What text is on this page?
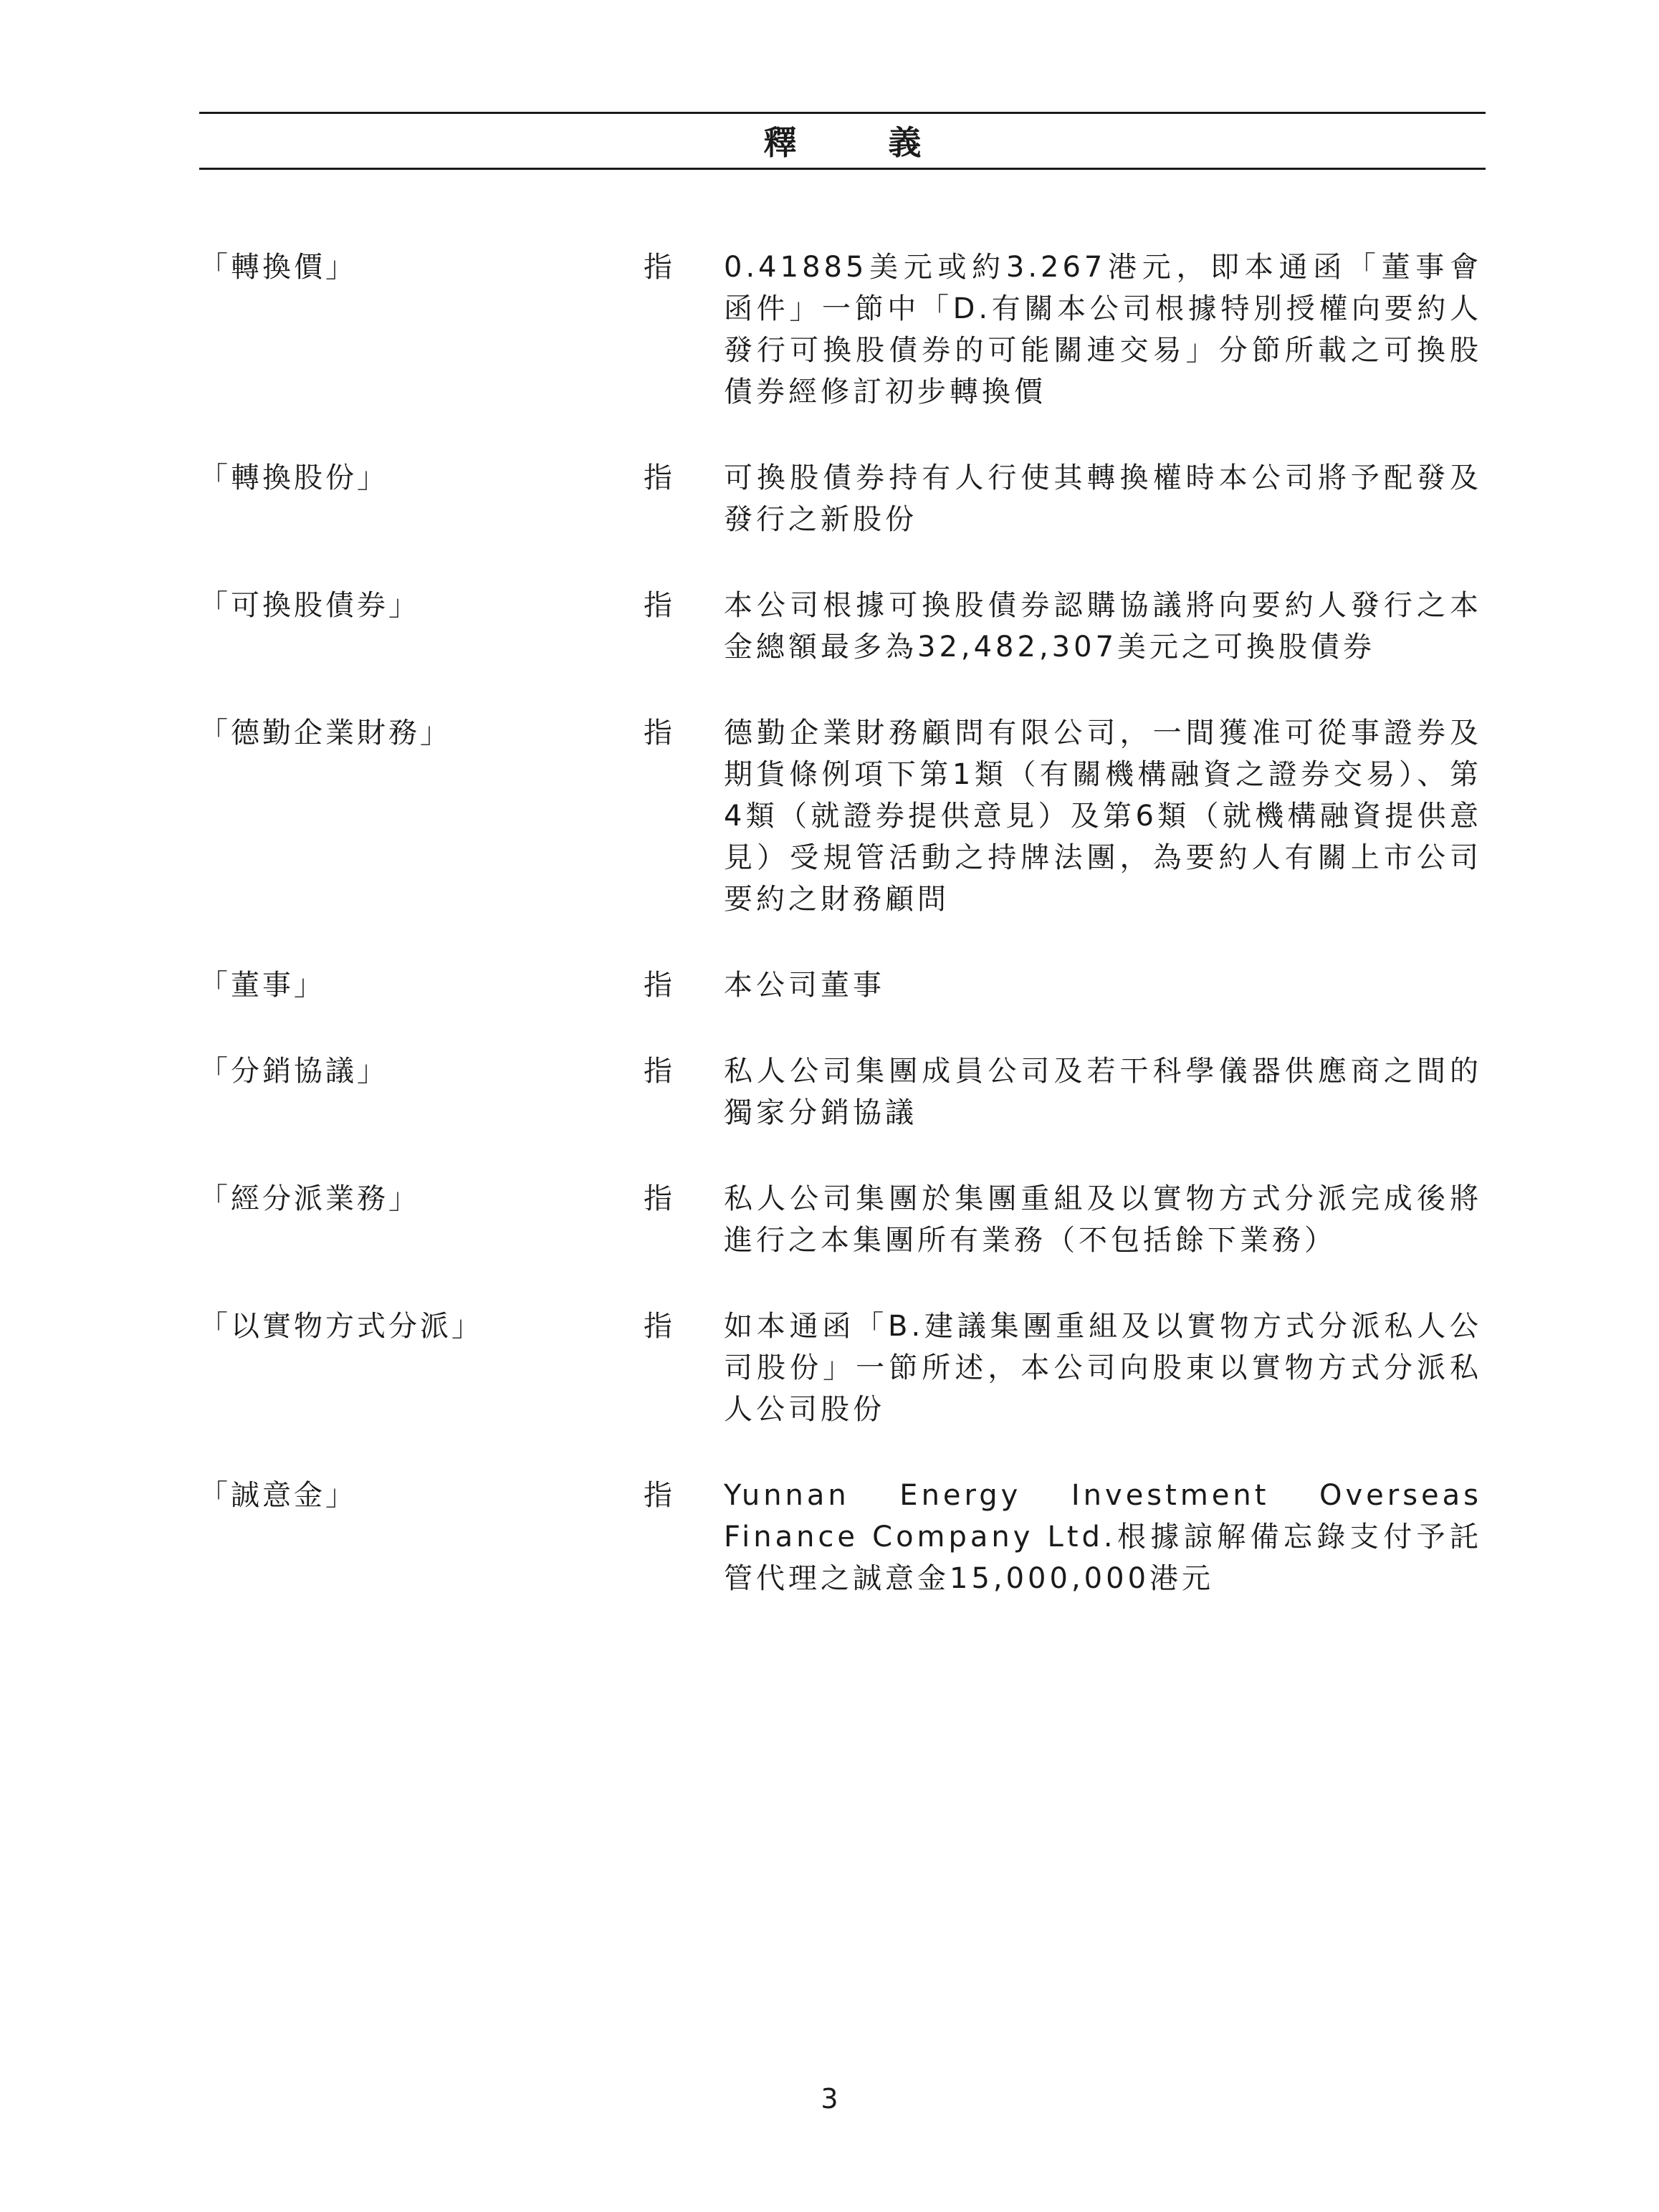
釋 義
「轉換價」	指	0.41885美元或約3.267港元，即本通函「董事會函件」一節中「D.有關本公司根據特別授權向要約人發行可換股債券的可能關連交易」分節所載之可換股債券經修訂初步轉換價
「轉換股份」	指	可換股債券持有人行使其轉換權時本公司將予配發及發行之新股份
「可換股債券」	指	本公司根據可換股債券認購協議將向要約人發行之本金總額最多為32,482,307美元之可換股債券
「德勤企業財務」	指	德勤企業財務顧問有限公司，一間獲准可從事證券及期貨條例項下第1類（有關機構融資之證券交易）、第4類（就證券提供意見）及第6類（就機構融資提供意見）受規管活動之持牌法團，為要約人有關上市公司要約之財務顧問
「董事」	指	本公司董事
「分銷協議」	指	私人公司集團成員公司及若干科學儀器供應商之間的獨家分銷協議
「經分派業務」	指	私人公司集團於集團重組及以實物方式分派完成後將進行之本集團所有業務（不包括餘下業務）
「以實物方式分派」	指	如本通函「B.建議集團重組及以實物方式分派私人公司股份」一節所述，本公司向股東以實物方式分派私人公司股份
「誠意金」	指	Yunnan Energy Investment Overseas Finance Company Ltd.根據諒解備忘錄支付予託管代理之誠意金15,000,000港元
3
